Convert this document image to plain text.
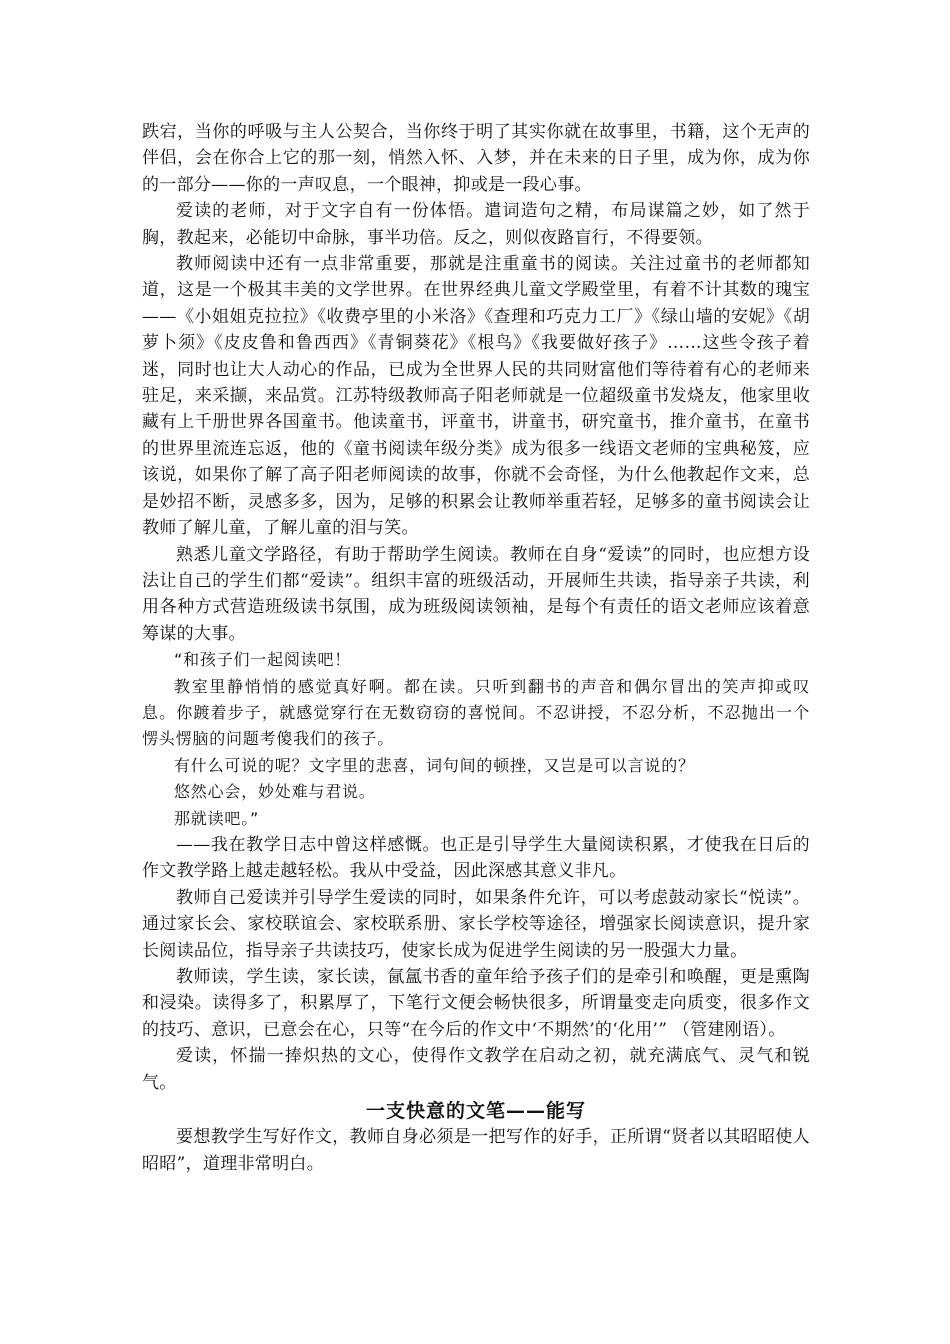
跌宕，当你的呼吸与主人公契合，当你终于明了其实你就在故事里，书籍，这个无声的伴侣，会在你合上它的那一刻，悄然入怀、入梦，并在未来的日子里，成为你，成为你的一部分——你的一声叹息，一个眼神，抑或是一段心事。

爱读的老师，对于文字自有一份体悟。遣词造句之精，布局谋篇之妙，如了然于胸，教起来，必能切中命脉，事半功倍。反之，则似夜路盲行，不得要领。

教师阅读中还有一点非常重要，那就是注重童书的阅读。关注过童书的老师都知道，这是一个极其丰美的文学世界。在世界经典儿童文学殿堂里，有着不计其数的瑰宝——《小姐姐克拉拉》《收费亭里的小米洛》《查理和巧克力工厂》《绿山墙的安妮》《胡萝卜须》《皮皮鲁和鲁西西》《青铜葵花》《根鸟》《我要做好孩子》……这些令孩子着迷，同时也让大人动心的作品，已成为全世界人民的共同财富他们等待着有心的老师来驻足，来采撷，来品赏。江苏特级教师高子阳老师就是一位超级童书发烧友，他家里收藏有上千册世界各国童书。他读童书，评童书，讲童书，研究童书，推介童书，在童书的世界里流连忘返，他的《童书阅读年级分类》成为很多一线语文老师的宝典秘笈，应该说，如果你了解了高子阳老师阅读的故事，你就不会奇怪，为什么他教起作文来，总是妙招不断，灵感多多，因为，足够的积累会让教师举重若轻，足够多的童书阅读会让教师了解儿童，了解儿童的泪与笑。

熟悉儿童文学路径，有助于帮助学生阅读。教师在自身“爱读”的同时，也应想方设法让自己的学生们都“爱读”。组织丰富的班级活动，开展师生共读，指导亲子共读，利用各种方式营造班级读书氛围，成为班级阅读领袖，是每个有责任的语文老师应该着意筹谋的大事。

“和孩子们一起阅读吧！

教室里静悄悄的感觉真好啊。都在读。只听到翻书的声音和偶尔冒出的笑声抑或叹息。你踱着步子，就感觉穿行在无数窃窃的喜悦间。不忍讲授，不忍分析，不忍抛出一个愣头愣脑的问题考傻我们的孩子。

有什么可说的呢？文字里的悲喜，词句间的顿挫，又岂是可以言说的？

悠然心会，妙处难与君说。

那就读吧。”

——我在教学日志中曾这样感慨。也正是引导学生大量阅读积累，才使我在日后的作文教学路上越走越轻松。我从中受益，因此深感其意义非凡。

教师自己爱读并引导学生爱读的同时，如果条件允许，可以考虑鼓动家长“悦读”。通过家长会、家校联谊会、家校联系册、家长学校等途径，增强家长阅读意识，提升家长阅读品位，指导亲子共读技巧，使家长成为促进学生阅读的另一股强大力量。

教师读，学生读，家长读，氤氲书香的童年给予孩子们的是牵引和唤醒，更是熏陶和浸染。读得多了，积累厚了，下笔行文便会畅快很多，所谓量变走向质变，很多作文的技巧、意识，已意会在心，只等“在今后的作文中‘不期然’的‘化用’” （管建刚语）。

爱读，怀揣一捧炽热的文心，使得作文教学在启动之初，就充满底气、灵气和锐气。

一支快意的文笔——能写

要想教学生写好作文，教师自身必须是一把写作的好手，正所谓“贤者以其昭昭使人昭昭”，道理非常明白。
